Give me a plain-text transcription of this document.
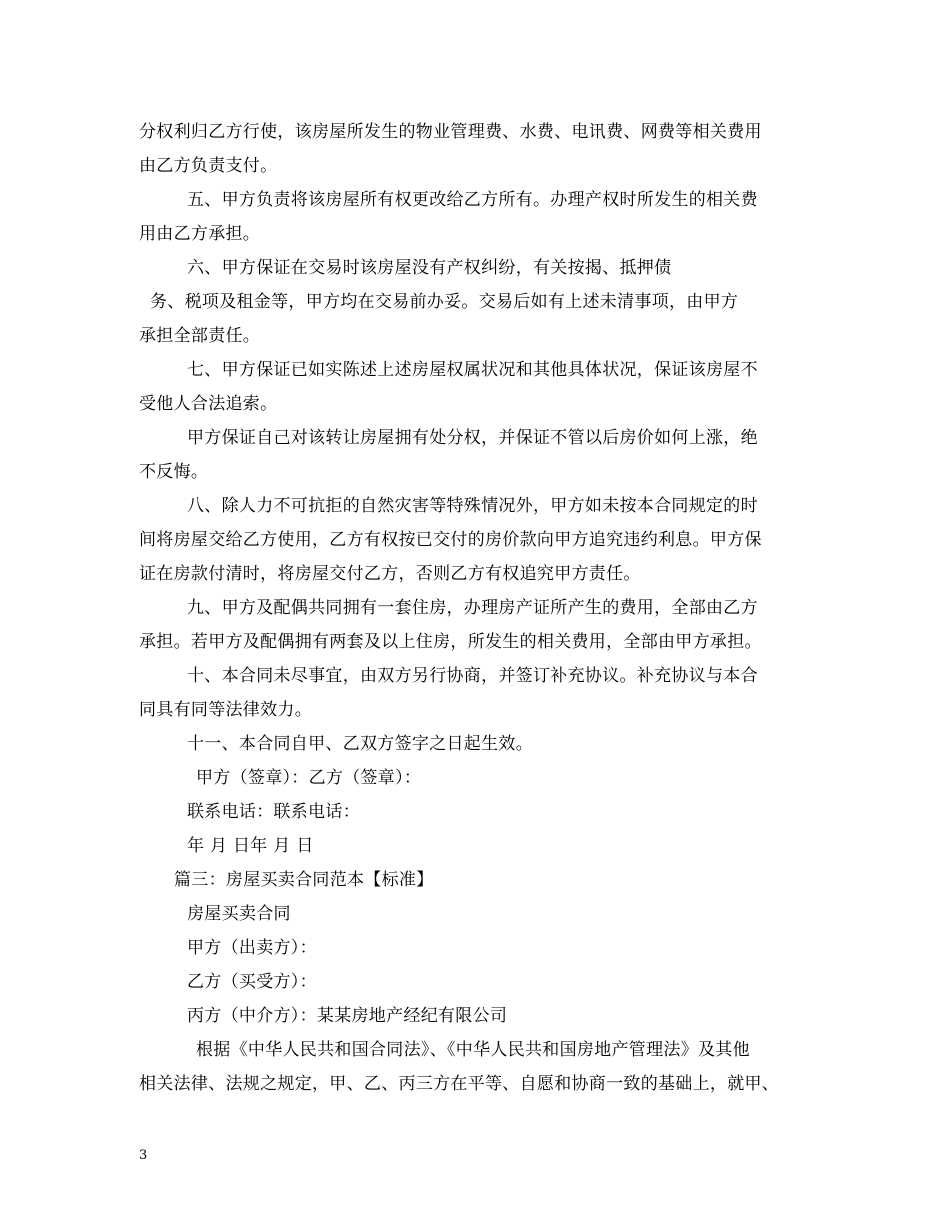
分权利归乙方行使，该房屋所发生的物业管理费、水费、电讯费、网费等相关费用
由乙方负责支付。
五、甲方负责将该房屋所有权更改给乙方所有。办理产权时所发生的相关费
用由乙方承担。
六、甲方保证在交易时该房屋没有产权纠纷，有关按揭、抵押债
务、税项及租金等，甲方均在交易前办妥。交易后如有上述未清事项，由甲方
承担全部责任。
七、甲方保证已如实陈述上述房屋权属状况和其他具体状况，保证该房屋不
受他人合法追索。
甲方保证自己对该转让房屋拥有处分权，并保证不管以后房价如何上涨，绝
不反悔。
八、除人力不可抗拒的自然灾害等特殊情况外，甲方如未按本合同规定的时
间将房屋交给乙方使用，乙方有权按已交付的房价款向甲方追究违约利息。甲方保
证在房款付清时，将房屋交付乙方，否则乙方有权追究甲方责任。
九、甲方及配偶共同拥有一套住房，办理房产证所产生的费用，全部由乙方
承担。若甲方及配偶拥有两套及以上住房，所发生的相关费用，全部由甲方承担。
十、本合同未尽事宜，由双方另行协商，并签订补充协议。补充协议与本合
同具有同等法律效力。
十一、本合同自甲、乙双方签字之日起生效。
甲方（签章）：乙方（签章）：
联系电话：联系电话：
年 月 日年 月 日
篇三：房屋买卖合同范本【标准】
房屋买卖合同
甲方（出卖方）：
乙方（买受方）：
丙方（中介方）：某某房地产经纪有限公司
根据《中华人民共和国合同法》、《中华人民共和国房地产管理法》及其他
相关法律、法规之规定，甲、乙、丙三方在平等、自愿和协商一致的基础上，就甲、
3
